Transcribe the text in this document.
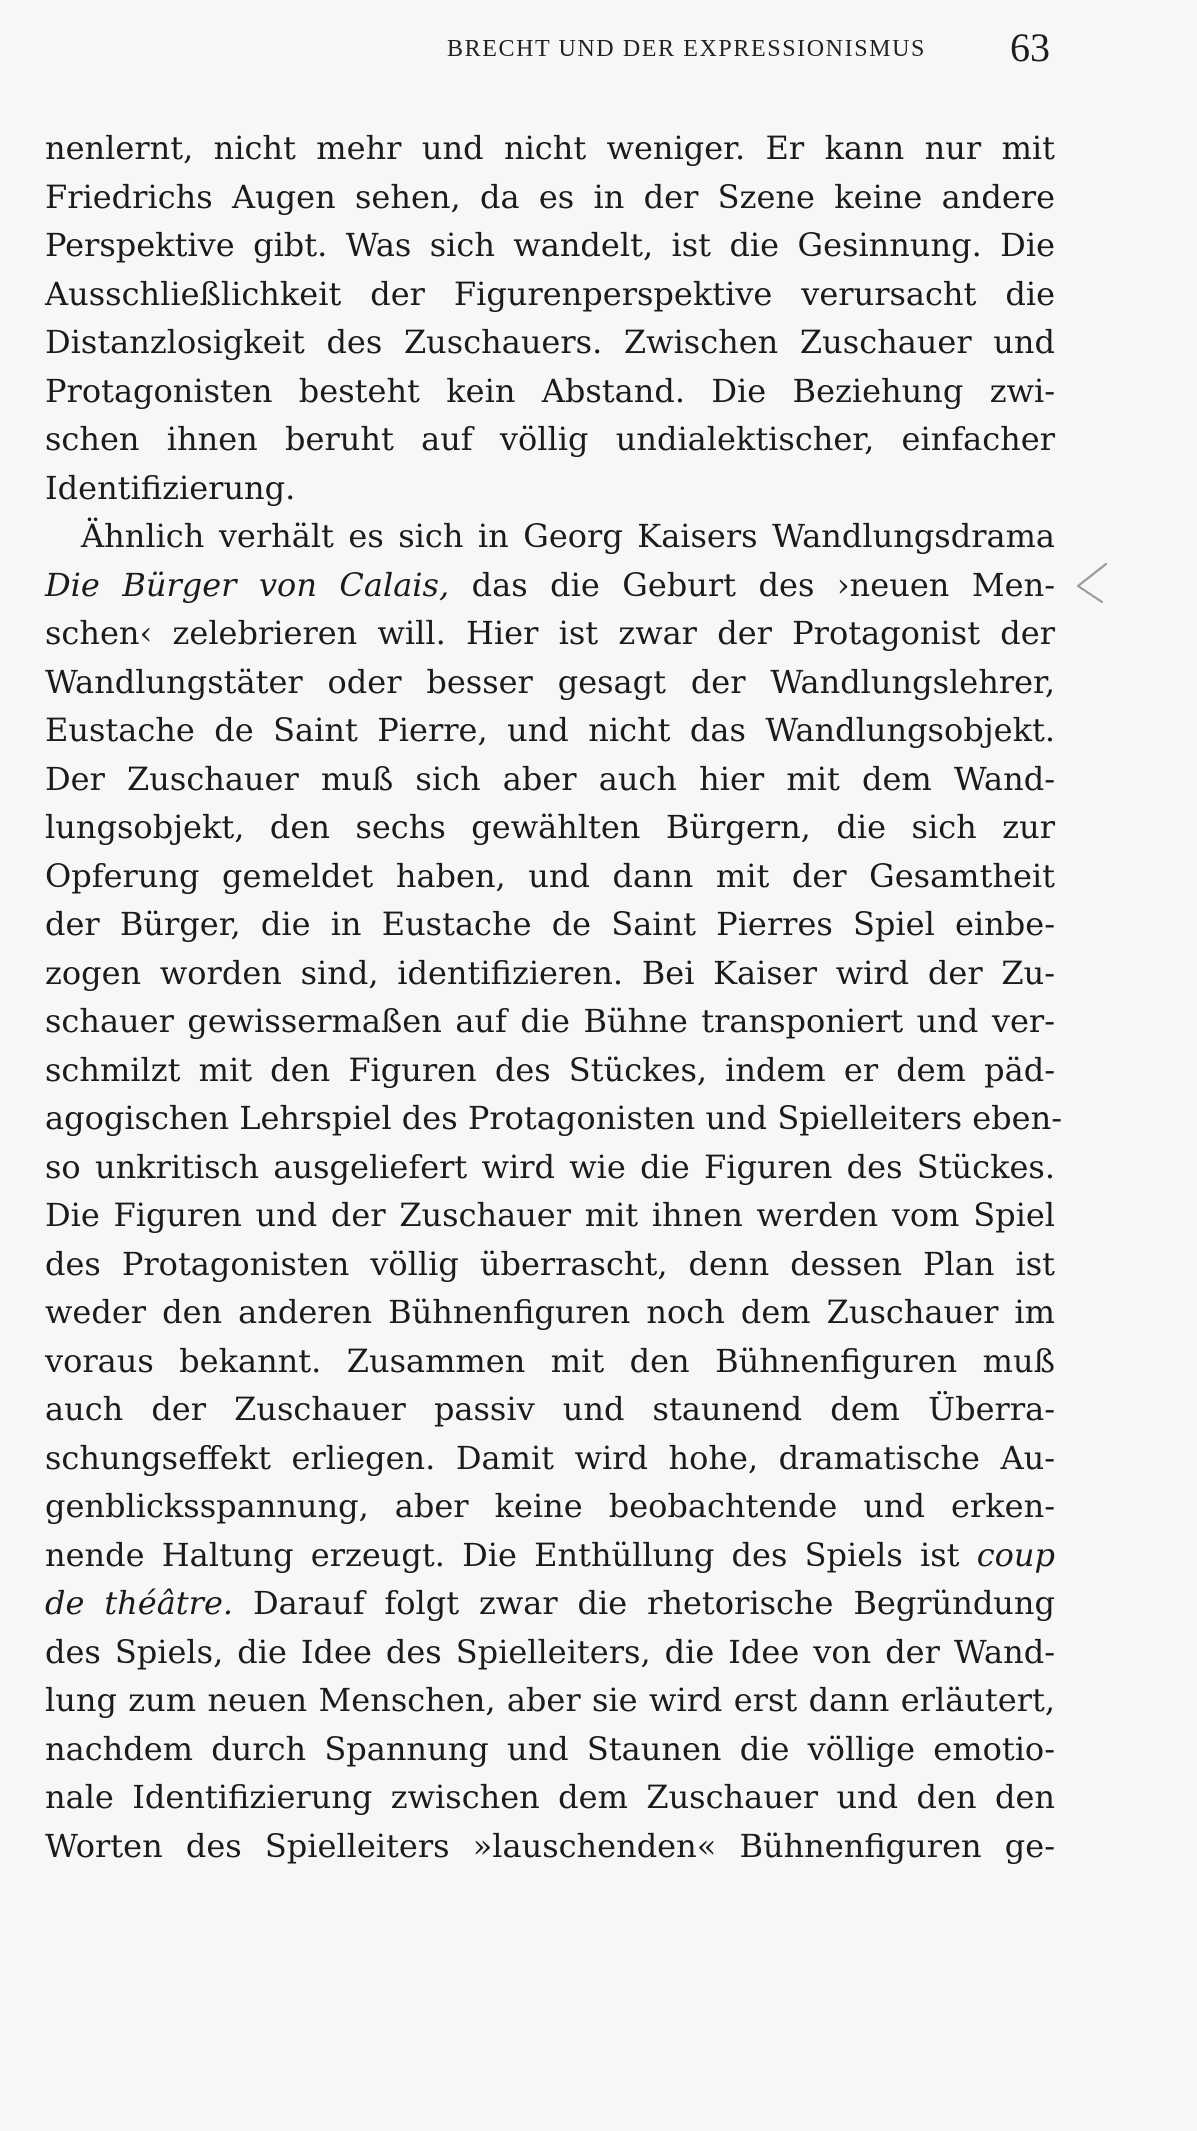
BRECHT UND DER EXPRESSIONISMUS 63
nenlernt, nicht mehr und nicht weniger. Er kann nur mit
Friedrichs Augen sehen, da es in der Szene keine andere
Perspektive gibt. Was sich wandelt, ist die Gesinnung. Die
Ausschließlichkeit der Figurenperspektive verursacht die
Distanzlosigkeit des Zuschauers. Zwischen Zuschauer und
Protagonisten besteht kein Abstand. Die Beziehung zwi-
schen ihnen beruht auf völlig undialektischer, einfacher
Identifizierung.
Ähnlich verhält es sich in Georg Kaisers Wandlungsdrama
Die Bürger von Calais, das die Geburt des ›neuen Men-
schen‹ zelebrieren will. Hier ist zwar der Protagonist der
Wandlungstäter oder besser gesagt der Wandlungslehrer,
Eustache de Saint Pierre, und nicht das Wandlungsobjekt.
Der Zuschauer muß sich aber auch hier mit dem Wand-
lungsobjekt, den sechs gewählten Bürgern, die sich zur
Opferung gemeldet haben, und dann mit der Gesamtheit
der Bürger, die in Eustache de Saint Pierres Spiel einbe-
zogen worden sind, identifizieren. Bei Kaiser wird der Zu-
schauer gewissermaßen auf die Bühne transponiert und ver-
schmilzt mit den Figuren des Stückes, indem er dem päd-
agogischen Lehrspiel des Protagonisten und Spielleiters eben-
so unkritisch ausgeliefert wird wie die Figuren des Stückes.
Die Figuren und der Zuschauer mit ihnen werden vom Spiel
des Protagonisten völlig überrascht, denn dessen Plan ist
weder den anderen Bühnenfiguren noch dem Zuschauer im
voraus bekannt. Zusammen mit den Bühnenfiguren muß
auch der Zuschauer passiv und staunend dem Überra-
schungseffekt erliegen. Damit wird hohe, dramatische Au-
genblicksspannung, aber keine beobachtende und erken-
nende Haltung erzeugt. Die Enthüllung des Spiels ist coup
de théâtre. Darauf folgt zwar die rhetorische Begründung
des Spiels, die Idee des Spielleiters, die Idee von der Wand-
lung zum neuen Menschen, aber sie wird erst dann erläutert,
nachdem durch Spannung und Staunen die völlige emotio-
nale Identifizierung zwischen dem Zuschauer und den den
Worten des Spielleiters »lauschenden« Bühnenfiguren ge-
